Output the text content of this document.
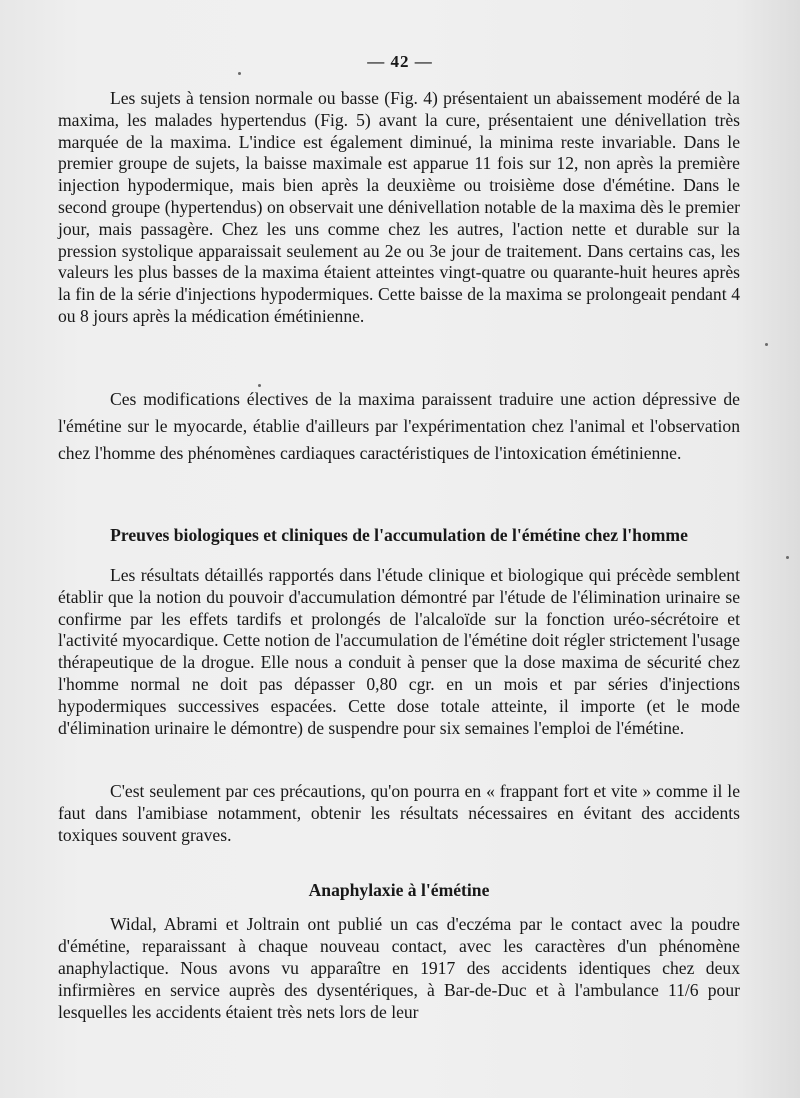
— 42 —

Les sujets à tension normale ou basse (Fig. 4) présentaient un abaissement modéré de la maxima, les malades hypertendus (Fig. 5) avant la cure, présentaient une dénivellation très marquée de la maxima. L'indice est également diminué, la minima reste invariable. Dans le premier groupe de sujets, la baisse maximale est apparue 11 fois sur 12, non après la première injection hypodermique, mais bien après la deuxième ou troisième dose d'émétine. Dans le second groupe (hypertendus) on observait une dénivellation notable de la maxima dès le premier jour, mais passagère. Chez les uns comme chez les autres, l'action nette et durable sur la pression systolique apparaissait seulement au 2e ou 3e jour de traitement. Dans certains cas, les valeurs les plus basses de la maxima étaient atteintes vingt-quatre ou quarante-huit heures après la fin de la série d'injections hypodermiques. Cette baisse de la maxima se prolongeait pendant 4 ou 8 jours après la médication émétinienne.

Ces modifications électives de la maxima paraissent traduire une action dépressive de l'émétine sur le myocarde, établie d'ailleurs par l'expérimentation chez l'animal et l'observation chez l'homme des phénomènes cardiaques caractéristiques de l'intoxication émétinienne.

Preuves biologiques et cliniques de l'accumulation de l'émétine chez l'homme

Les résultats détaillés rapportés dans l'étude clinique et biologique qui précède semblent établir que la notion du pouvoir d'accumulation démontré par l'étude de l'élimination urinaire se confirme par les effets tardifs et prolongés de l'alcaloïde sur la fonction uréo-sécrétoire et l'activité myocardique. Cette notion de l'accumulation de l'émétine doit régler strictement l'usage thérapeutique de la drogue. Elle nous a conduit à penser que la dose maxima de sécurité chez l'homme normal ne doit pas dépasser 0,80 cgr. en un mois et par séries d'injections hypodermiques successives espacées. Cette dose totale atteinte, il importe (et le mode d'élimination urinaire le démontre) de suspendre pour six semaines l'emploi de l'émétine.

C'est seulement par ces précautions, qu'on pourra en « frappant fort et vite » comme il le faut dans l'amibiase notamment, obtenir les résultats nécessaires en évitant des accidents toxiques souvent graves.

Anaphylaxie à l'émétine

Widal, Abrami et Joltrain ont publié un cas d'eczéma par le contact avec la poudre d'émétine, reparaissant à chaque nouveau contact, avec les caractères d'un phénomène anaphylactique. Nous avons vu apparaître en 1917 des accidents identiques chez deux infirmières en service auprès des dysentériques, à Bar-de-Duc et à l'ambulance 11/6 pour lesquelles les accidents étaient très nets lors de leur
